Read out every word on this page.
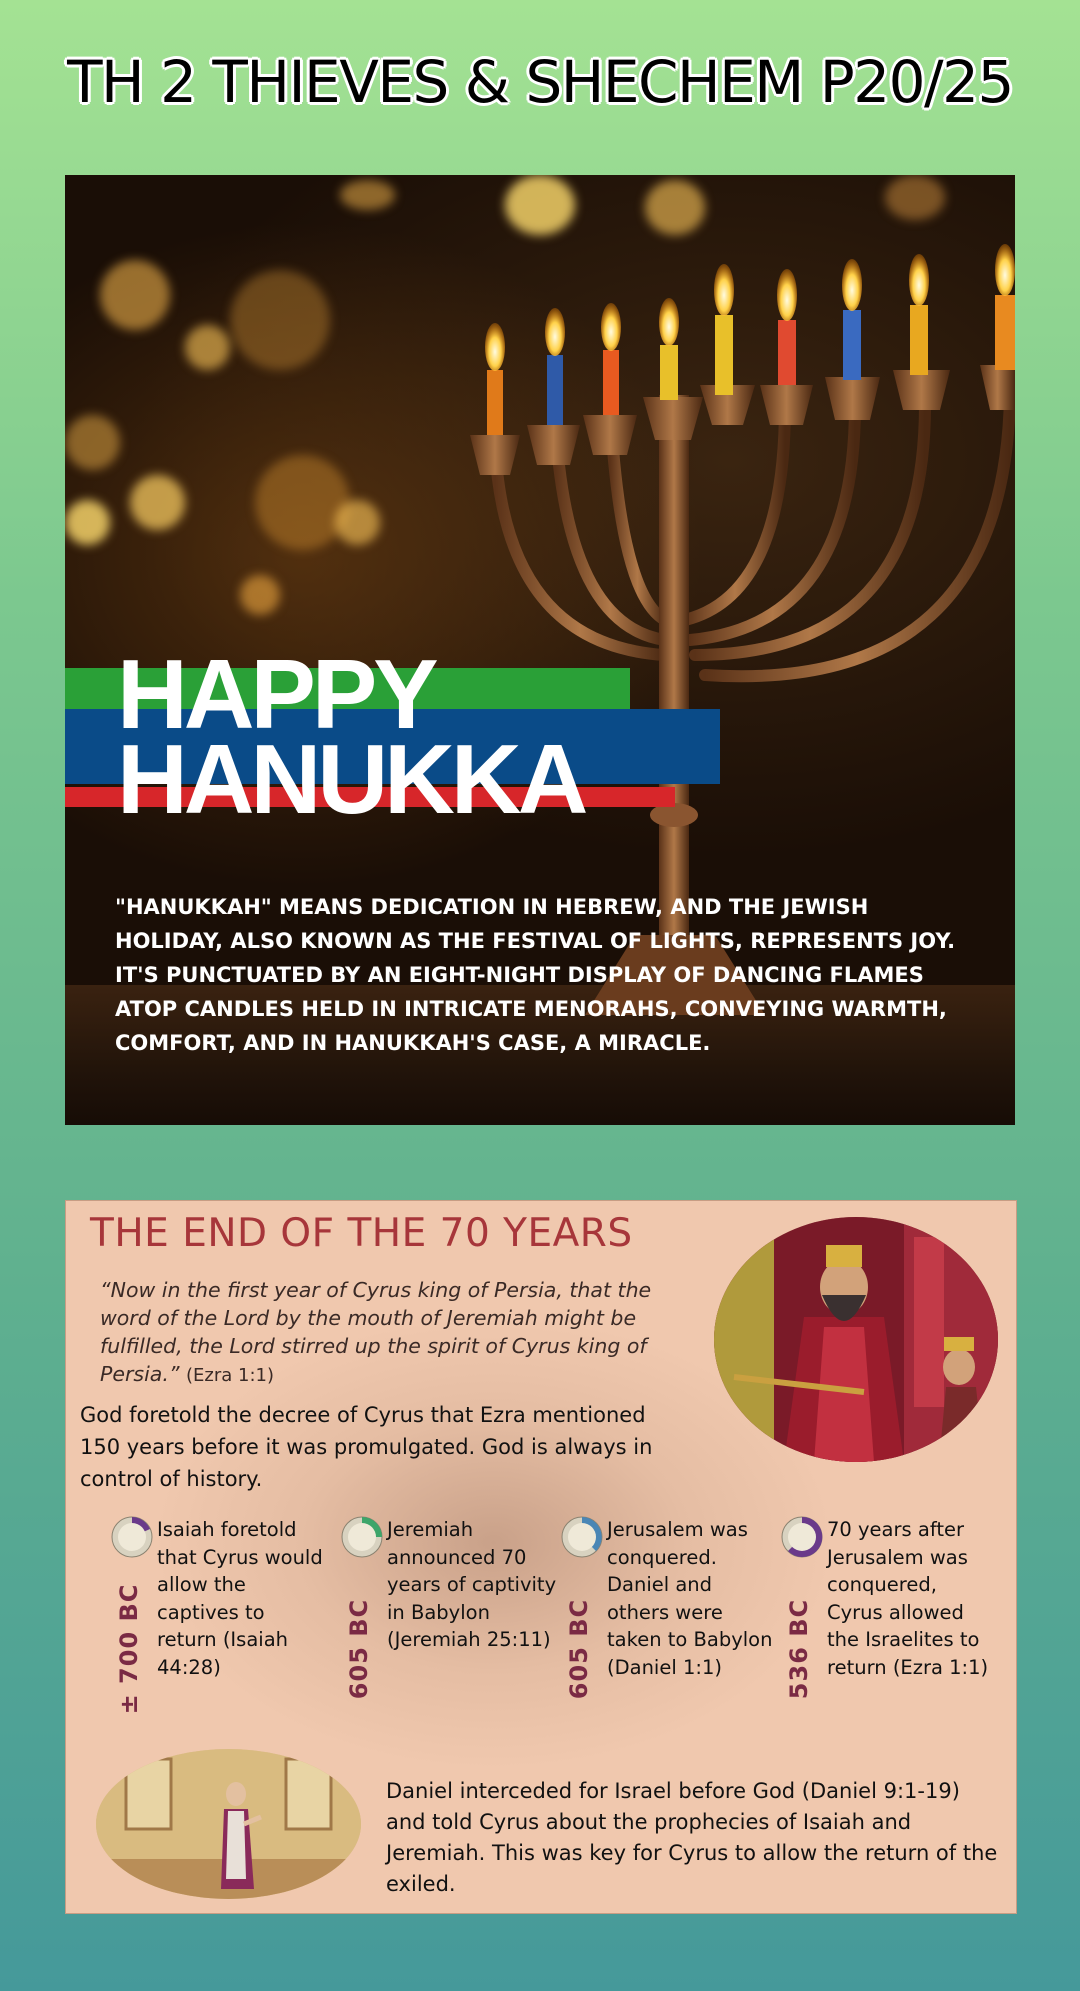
TH 2 THIEVES & SHECHEM P20/25
HAPPY
HANUKKA
"HANUKKAH" MEANS DEDICATION IN HEBREW, AND THE JEWISH HOLIDAY, ALSO KNOWN AS THE FESTIVAL OF LIGHTS, REPRESENTS JOY. IT'S PUNCTUATED BY AN EIGHT-NIGHT DISPLAY OF DANCING FLAMES ATOP CANDLES HELD IN INTRICATE MENORAHS, CONVEYING WARMTH, COMFORT, AND IN HANUKKAH'S CASE, A MIRACLE.
THE END OF THE 70 YEARS
“Now in the first year of Cyrus king of Persia, that the word of the Lord by the mouth of Jeremiah might be fulfilled, the Lord stirred up the spirit of Cyrus king of Persia.” (Ezra 1:1)
God foretold the decree of Cyrus that Ezra mentioned 150 years before it was promulgated. God is always in control of history.
± 700 BC
Isaiah foretold that Cyrus would allow the captives to return (Isaiah 44:28)	605 BC
Jeremiah announced 70 years of captivity in Babylon (Jeremiah 25:11) 605 BC
Jerusalem was conquered. Daniel and others were taken to Babylon (Daniel 1:1)	536 BC
70 years after Jerusalem was conquered, Cyrus allowed the Israelites to return (Ezra 1:1)
Daniel interceded for Israel before God (Daniel 9:1-19) and told Cyrus about the prophecies of Isaiah and Jeremiah. This was key for Cyrus to allow the return of the exiled.
